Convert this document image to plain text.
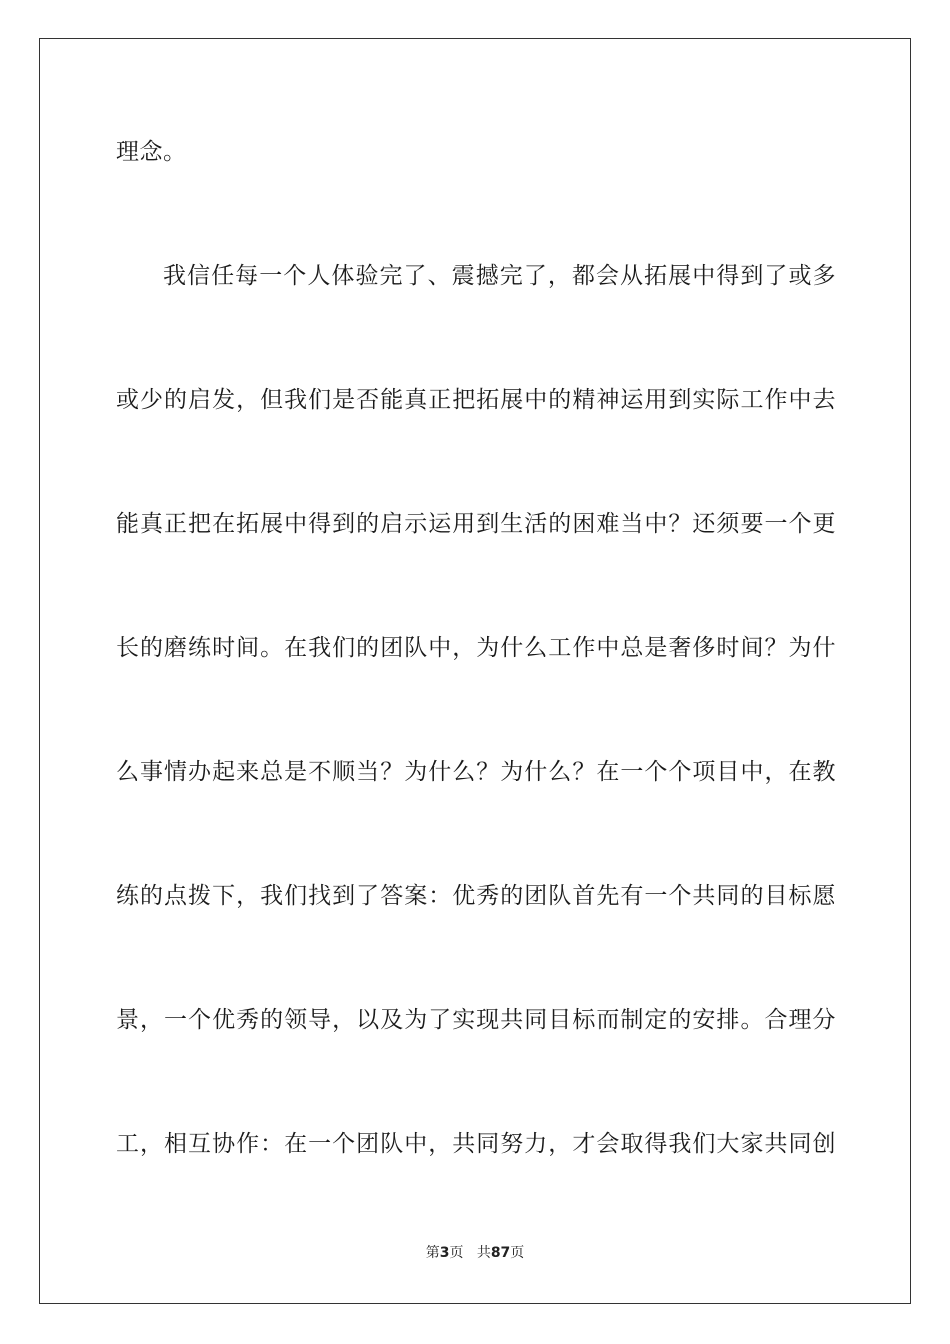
理念。
我信任每一个人体验完了、震撼完了，都会从拓展中得到了或多
或少的启发，但我们是否能真正把拓展中的精神运用到实际工作中去
能真正把在拓展中得到的启示运用到生活的困难当中？还须要一个更
长的磨练时间。在我们的团队中，为什么工作中总是奢侈时间？为什
么事情办起来总是不顺当？为什么？为什么？在一个个项目中，在教
练的点拨下，我们找到了答案：优秀的团队首先有一个共同的目标愿
景，一个优秀的领导，以及为了实现共同目标而制定的安排。合理分
工，相互协作：在一个团队中，共同努力，才会取得我们大家共同创
第3页 共87页
